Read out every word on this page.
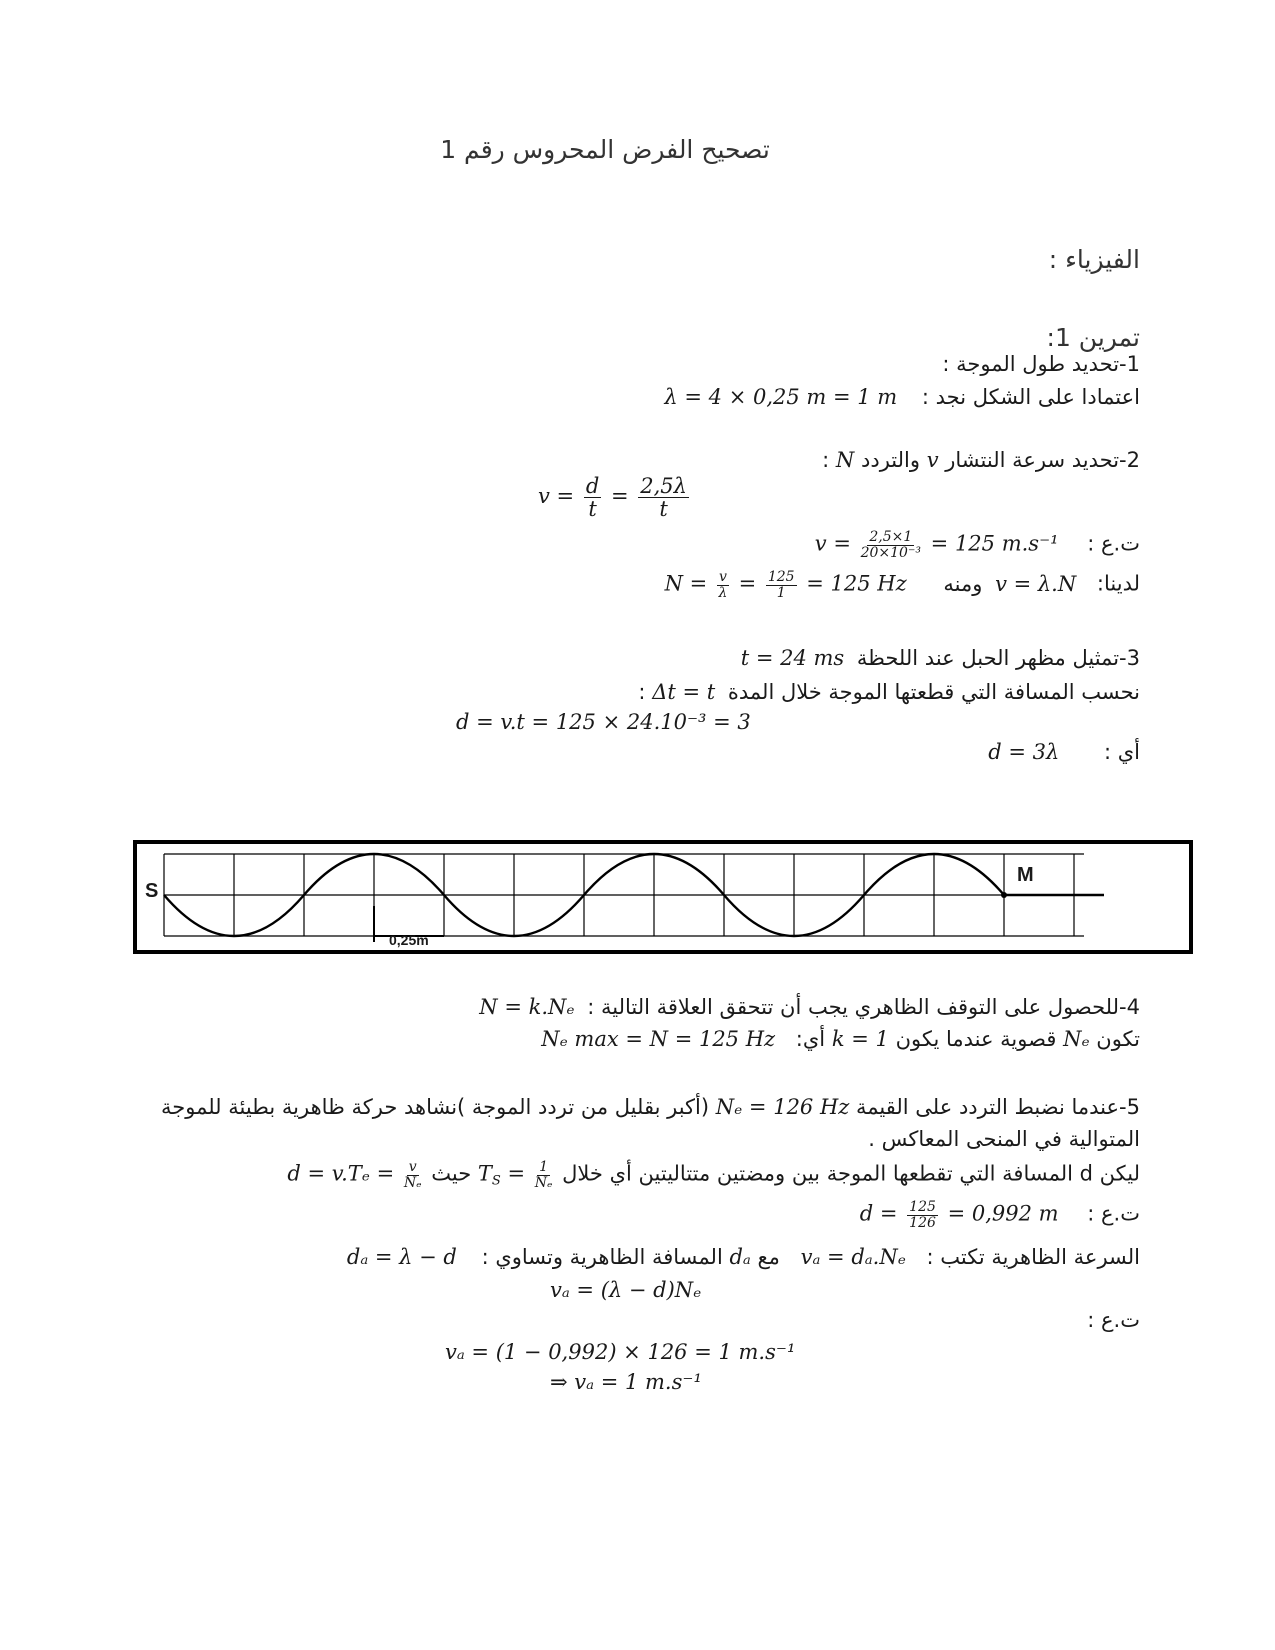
تصحيح الفرض المحروس رقم 1
الفيزياء :
تمرين 1:
1-تحديد طول الموجة :
اعتمادا على الشكل نجد : λ = 4 × 0,25 m = 1 m
2-تحديد سرعة النتشار v والتردد N :
$v = \frac{d}{t} = \frac{2,5\lambda}{t}$
ت.ع : $v = \frac{2,5\times 1}{\text{20×10⁻³}} = 125$ m.s⁻¹
لدينا: v = λ.N ومنه $N = \frac{v}{\lambda} = \frac{125}{1} = 125$ Hz
3-تمثيل مظهر الحبل عند اللحظة t = 24 ms
نحسب المسافة التي قطعتها الموجة خلال المدة Δt = t :
d = v.t = 125 × 24.10⁻³ = 3
أي : d = 3λ
S
M
0,25m
4-للحصول على التوقف الظاهري يجب أن تتحقق العلاقة التالية : N = k.Nₑ
تكون Nₑ قصوية عندما يكون k = 1 أي: Nₑ max = N = 125 Hz
5-عندما نضبط التردد على القيمة Nₑ = 126 Hz (أكبر بقليل من تردد الموجة )نشاهد حركة ظاهرية بطيئة للموجة
المتوالية في المنحى المعاكس .
ليكن d المسافة التي تقطعها الموجة بين ومضتين متتاليتين أي خلال $T_S = \frac{1}{\text{Nₑ}}$
حيث $d = v.T_e = \frac{v}{\text{Nₑ}}$
ت.ع : $d = \frac{125}{126} = 0,992$ m
السرعة الظاهرية تكتب : vₐ = dₐ.Nₑ مع dₐ المسافة الظاهرية وتساوي : dₐ = λ − d
vₐ = (λ − d)Nₑ
ت.ع :
vₐ = (1 − 0,992) × 126 = 1 m.s⁻¹
⇒ vₐ = 1 m.s⁻¹
